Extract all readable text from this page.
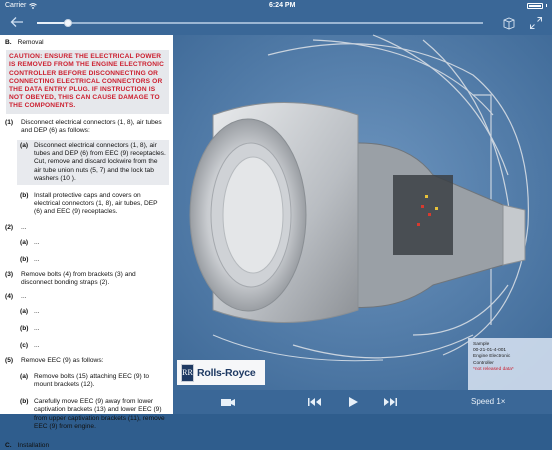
Carrier	6:24 PM
B. Removal
CAUTION: ENSURE THE ELECTRICAL POWER IS REMOVED FROM THE ENGINE ELECTRONIC CONTROLLER BEFORE DISCONNECTING OR CONNECTING ELECTRICAL CONNECTORS OR THE DATA ENTRY PLUG. IF INSTRUCTION IS NOT OBEYED, THIS CAN CAUSE DAMAGE TO THE COMPONENTS.
(1)	Disconnect electrical connectors (1, 8), air tubes and DEP (6) as follows:
(a) Disconnect electrical connectors (1, 8), air tubes and DEP (6) from EEC (9) receptacles. Cut, remove and discard lockwire from the air tube union nuts (5, 7) and the lock tab washers (10 ).
(b) Install protective caps and covers on electrical connectors (1, 8), air tubes, DEP (6) and EEC (9) receptacles.
(2)	...
(a) ...
(b) ...
(3)	Remove bolts (4) from brackets (3) and disconnect bonding straps (2).
(4)	...
(a) ...
(b) ...
(c) ...
(5)	Remove EEC (9) as follows:
(a) Remove bolts (15) attaching EEC (9) to mount brackets (12).
(b) Carefully move EEC (9) away from lower captivation brackets (13) and lower EEC (9) from upper captivation brackets (11), remove EEC (9) from engine.
C. Installation
RR Rolls-Royce
Sample
00-21-01-4-001
Engine Electronic
Controller
*not released data*
Speed 1×
